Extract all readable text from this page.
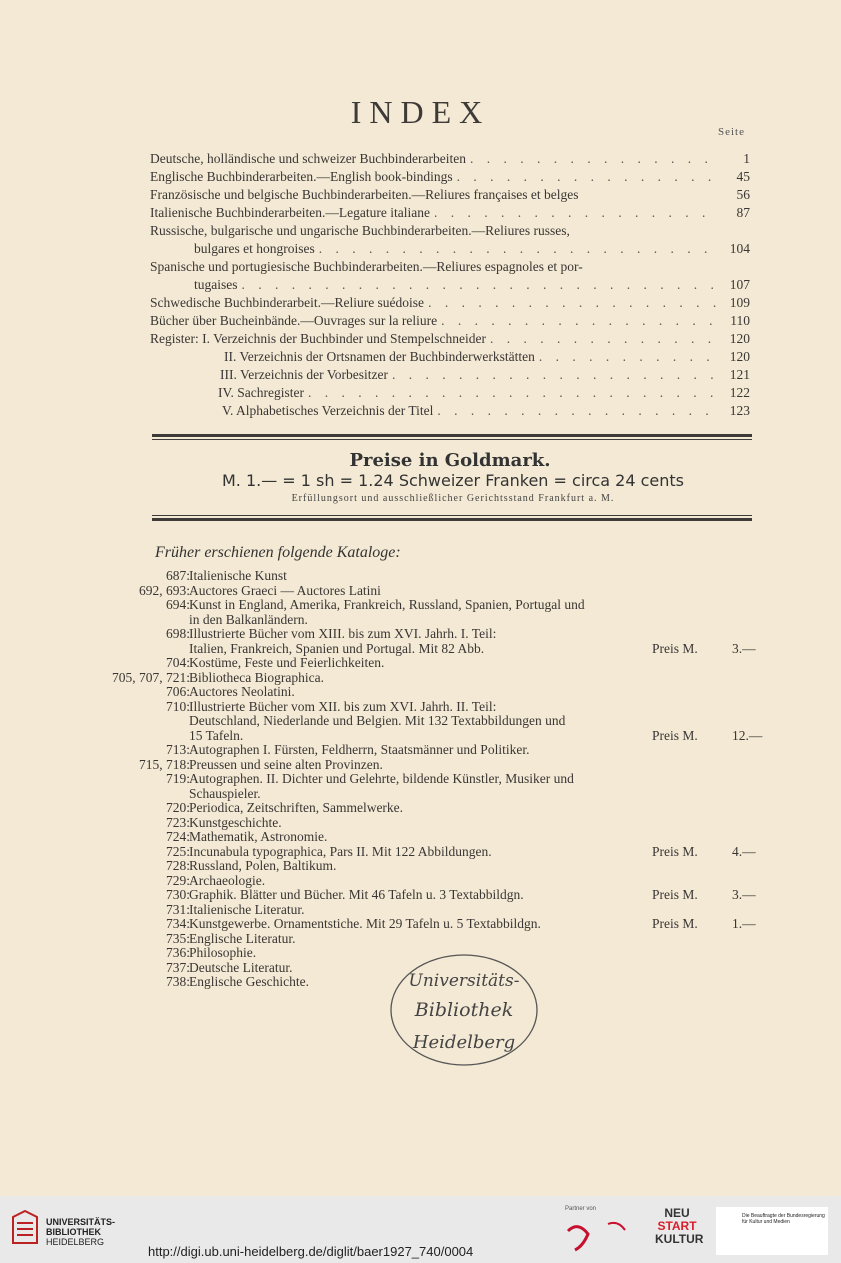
INDEX
Seite
Deutsche, holländische und schweizer Buchbinderarbeiten . . .	1
Englische Buchbinderarbeiten.—English book-bindings . . .	45
Französische und belgische Buchbinderarbeiten.—Reliures françaises et belges	56
Italienische Buchbinderarbeiten.—Legature italiane . . .	87
Russische, bulgarische und ungarische Buchbinderarbeiten.—Reliures russes,
bulgares et hongroises . . .	104
Spanische und portugiesische Buchbinderarbeiten.—Reliures espagnoles et por-
tugaises . . .	107
Schwedische Buchbinderarbeit.—Reliure suédoise . . .	109
Bücher über Bucheinbände.—Ouvrages sur la reliure . . .	110
Register: I. Verzeichnis der Buchbinder und Stempelschneider . . .	120
II. Verzeichnis der Ortsnamen der Buchbinderwerkstätten . . .	120
III. Verzeichnis der Vorbesitzer . . .	121
IV. Sachregister . . .	122
V. Alphabetisches Verzeichnis der Titel . . .	123
Preise in Goldmark.
M. 1.— = 1 sh = 1.24 Schweizer Franken = circa 24 cents
Erfüllungsort und ausschließlicher Gerichtsstand Frankfurt a. M.
Früher erschienen folgende Kataloge:
687: Italienische Kunst
692, 693: Auctores Graeci — Auctores Latini
694: Kunst in England, Amerika, Frankreich, Russland, Spanien, Portugal und
in den Balkanländern.
698: Illustrierte Bücher vom XIII. bis zum XVI. Jahrh. I. Teil:
Italien, Frankreich, Spanien und Portugal. Mit 82 Abb.	Preis M.	3.—
704: Kostüme, Feste und Feierlichkeiten.
705, 707, 721: Bibliotheca Biographica.
706: Auctores Neolatini.
710: Illustrierte Bücher vom XII. bis zum XVI. Jahrh. II. Teil:
Deutschland, Niederlande und Belgien. Mit 132 Textabbildungen und
15 Tafeln.	Preis M.	12.—
713: Autographen I. Fürsten, Feldherrn, Staatsmänner und Politiker.
715, 718: Preussen und seine alten Provinzen.
719: Autographen. II. Dichter und Gelehrte, bildende Künstler, Musiker und
Schauspieler.
720: Periodica, Zeitschriften, Sammelwerke.
723: Kunstgeschichte.
724: Mathematik, Astronomie.
725: Incunabula typographica, Pars II. Mit 122 Abbildungen.	Preis M.	4.—
728: Russland, Polen, Baltikum.
729: Archaeologie.
730: Graphik. Blätter und Bücher. Mit 46 Tafeln u. 3 Textabbildgn.	Preis M.	3.—
731: Italienische Literatur.
734: Kunstgewerbe. Ornamentstiche. Mit 29 Tafeln u. 5 Textabbildgn.	Preis M.	1.—
735: Englische Literatur.
736: Philosophie.
737: Deutsche Literatur.
738: Englische Geschichte.	Universitäts-
Bibliothek
Heidelberg
UNIVERSITÄTS-
BIBLIOTHEK
HEIDELBERG
Partner von	NEU
START
KULTUR
Die Beauftragte der Bundesregierung für Kultur und Medien
http://digi.ub.uni-heidelberg.de/diglit/baer1927_740/0004
